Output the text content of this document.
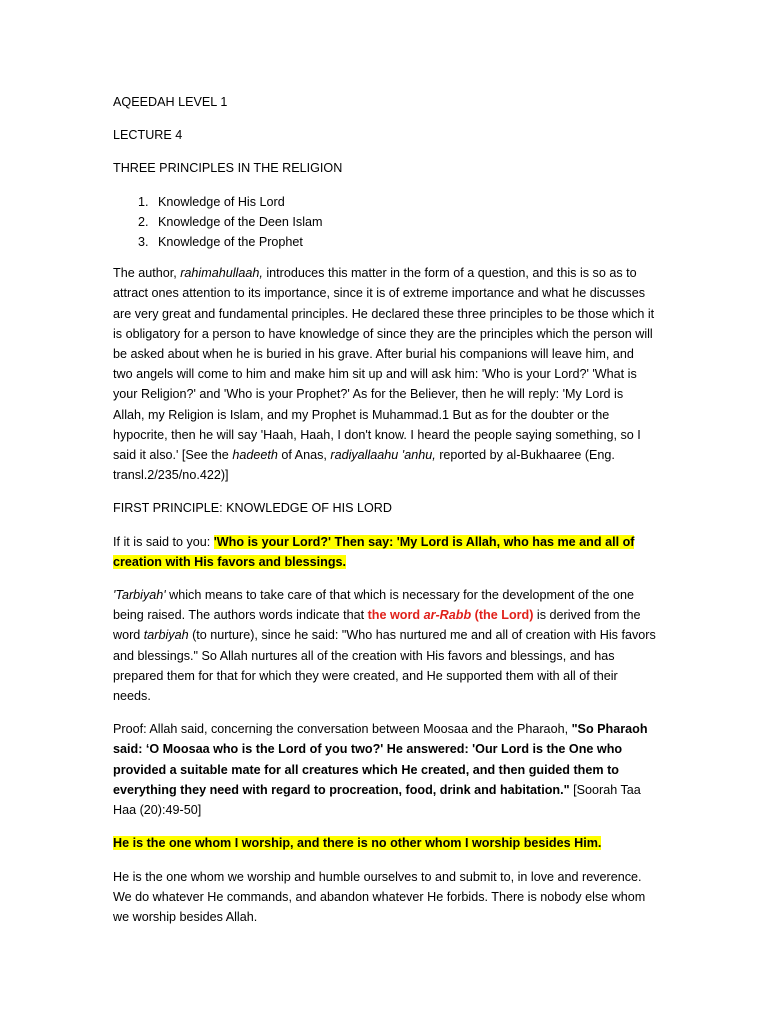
AQEEDAH LEVEL 1

LECTURE 4

THREE PRINCIPLES IN THE RELIGION

1. Knowledge of His Lord
2. Knowledge of the Deen Islam
3. Knowledge of the Prophet

The author, rahimahullaah, introduces this matter in the form of a question, and this is so as to attract ones attention to its importance, since it is of extreme importance and what he discusses are very great and fundamental principles. He declared these three principles to be those which it is obligatory for a person to have knowledge of since they are the principles which the person will be asked about when he is buried in his grave. After burial his companions will leave him, and two angels will come to him and make him sit up and will ask him: 'Who is your Lord?' 'What is your Religion?' and 'Who is your Prophet?' As for the Believer, then he will reply: 'My Lord is Allah, my Religion is Islam, and my Prophet is Muhammad.1 But as for the doubter or the hypocrite, then he will say 'Haah, Haah, I don't know. I heard the people saying something, so I said it also.' [See the hadeeth of Anas, radiyallaahu 'anhu, reported by al-Bukhaaree (Eng. transl.2/235/no.422)]

FIRST PRINCIPLE: KNOWLEDGE OF HIS LORD

If it is said to you: 'Who is your Lord?' Then say: 'My Lord is Allah, who has me and all of creation with His favors and blessings.

'Tarbiyah' which means to take care of that which is necessary for the development of the one being raised. The authors words indicate that the word ar-Rabb (the Lord) is derived from the word tarbiyah (to nurture), since he said: "Who has nurtured me and all of creation with His favors and blessings." So Allah nurtures all of the creation with His favors and blessings, and has prepared them for that for which they were created, and He supported them with all of their needs.

Proof: Allah said, concerning the conversation between Moosaa and the Pharaoh, "So Pharaoh said: ‘O Moosaa who is the Lord of you two?' He answered: 'Our Lord is the One who provided a suitable mate for all creatures which He created, and then guided them to everything they need with regard to procreation, food, drink and habitation." [Soorah Taa Haa (20):49-50]

He is the one whom I worship, and there is no other whom I worship besides Him.

He is the one whom we worship and humble ourselves to and submit to, in love and reverence. We do whatever He commands, and abandon whatever He forbids. There is nobody else whom we worship besides Allah.
